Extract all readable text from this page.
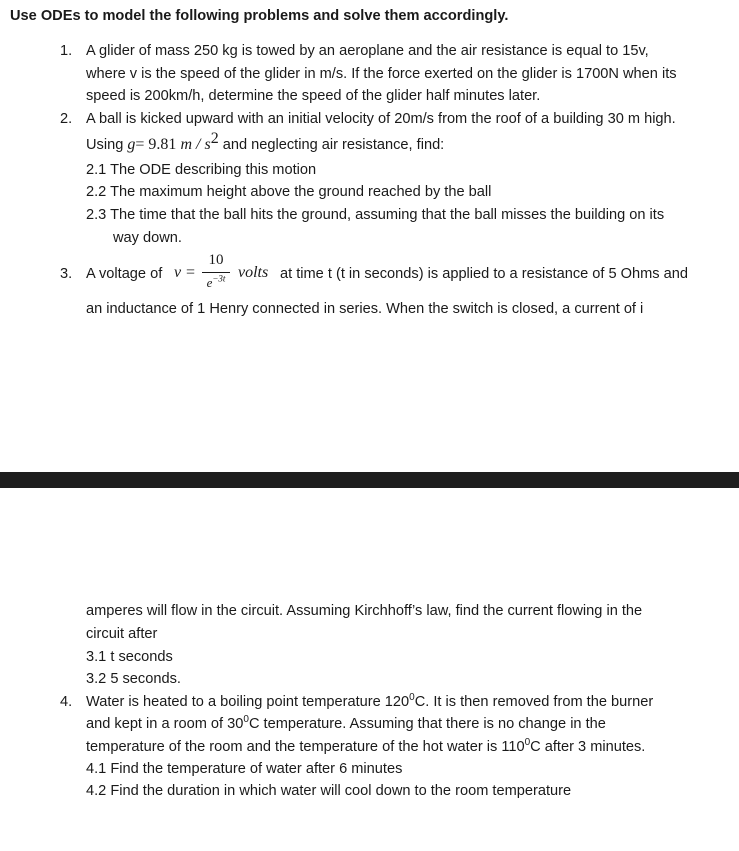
Use ODEs to model the following problems and solve them accordingly.
1. A glider of mass 250 kg is towed by an aeroplane and the air resistance is equal to 15v,
where v is the speed of the glider in m/s. If the force exerted on the glider is 1700N when its
speed is 200km/h, determine the speed of the glider half minutes later.
2. A ball is kicked upward with an initial velocity of 20m/s from the roof of a building 30 m high.
Using g= 9.81 m / $s^2$ and neglecting air resistance, find:
2.1 The ODE describing this motion
2.2 The maximum height above the ground reached by the ball
2.3 The time that the ball hits the ground, assuming that the ball misses the building on its
way down.
3. A voltage of v =
10
$e^{-3t}$ volts at time t (t in seconds) is applied to a resistance of 5 Ohms and
an inductance of 1 Henry connected in series. When the switch is closed, a current of i
amperes will flow in the circuit. Assuming Kirchhoff’s law, find the current flowing in the
circuit after
3.1 t seconds
3.2 5 seconds.
4. Water is heated to a boiling point temperature $120^0C$. It is then removed from the burner
and kept in a room of $30^0C$ temperature. Assuming that there is no change in the
temperature of the room and the temperature of the hot water is $110^0C$ after 3 minutes.
4.1 Find the temperature of water after 6 minutes
4.2 Find the duration in which water will cool down to the room temperature
